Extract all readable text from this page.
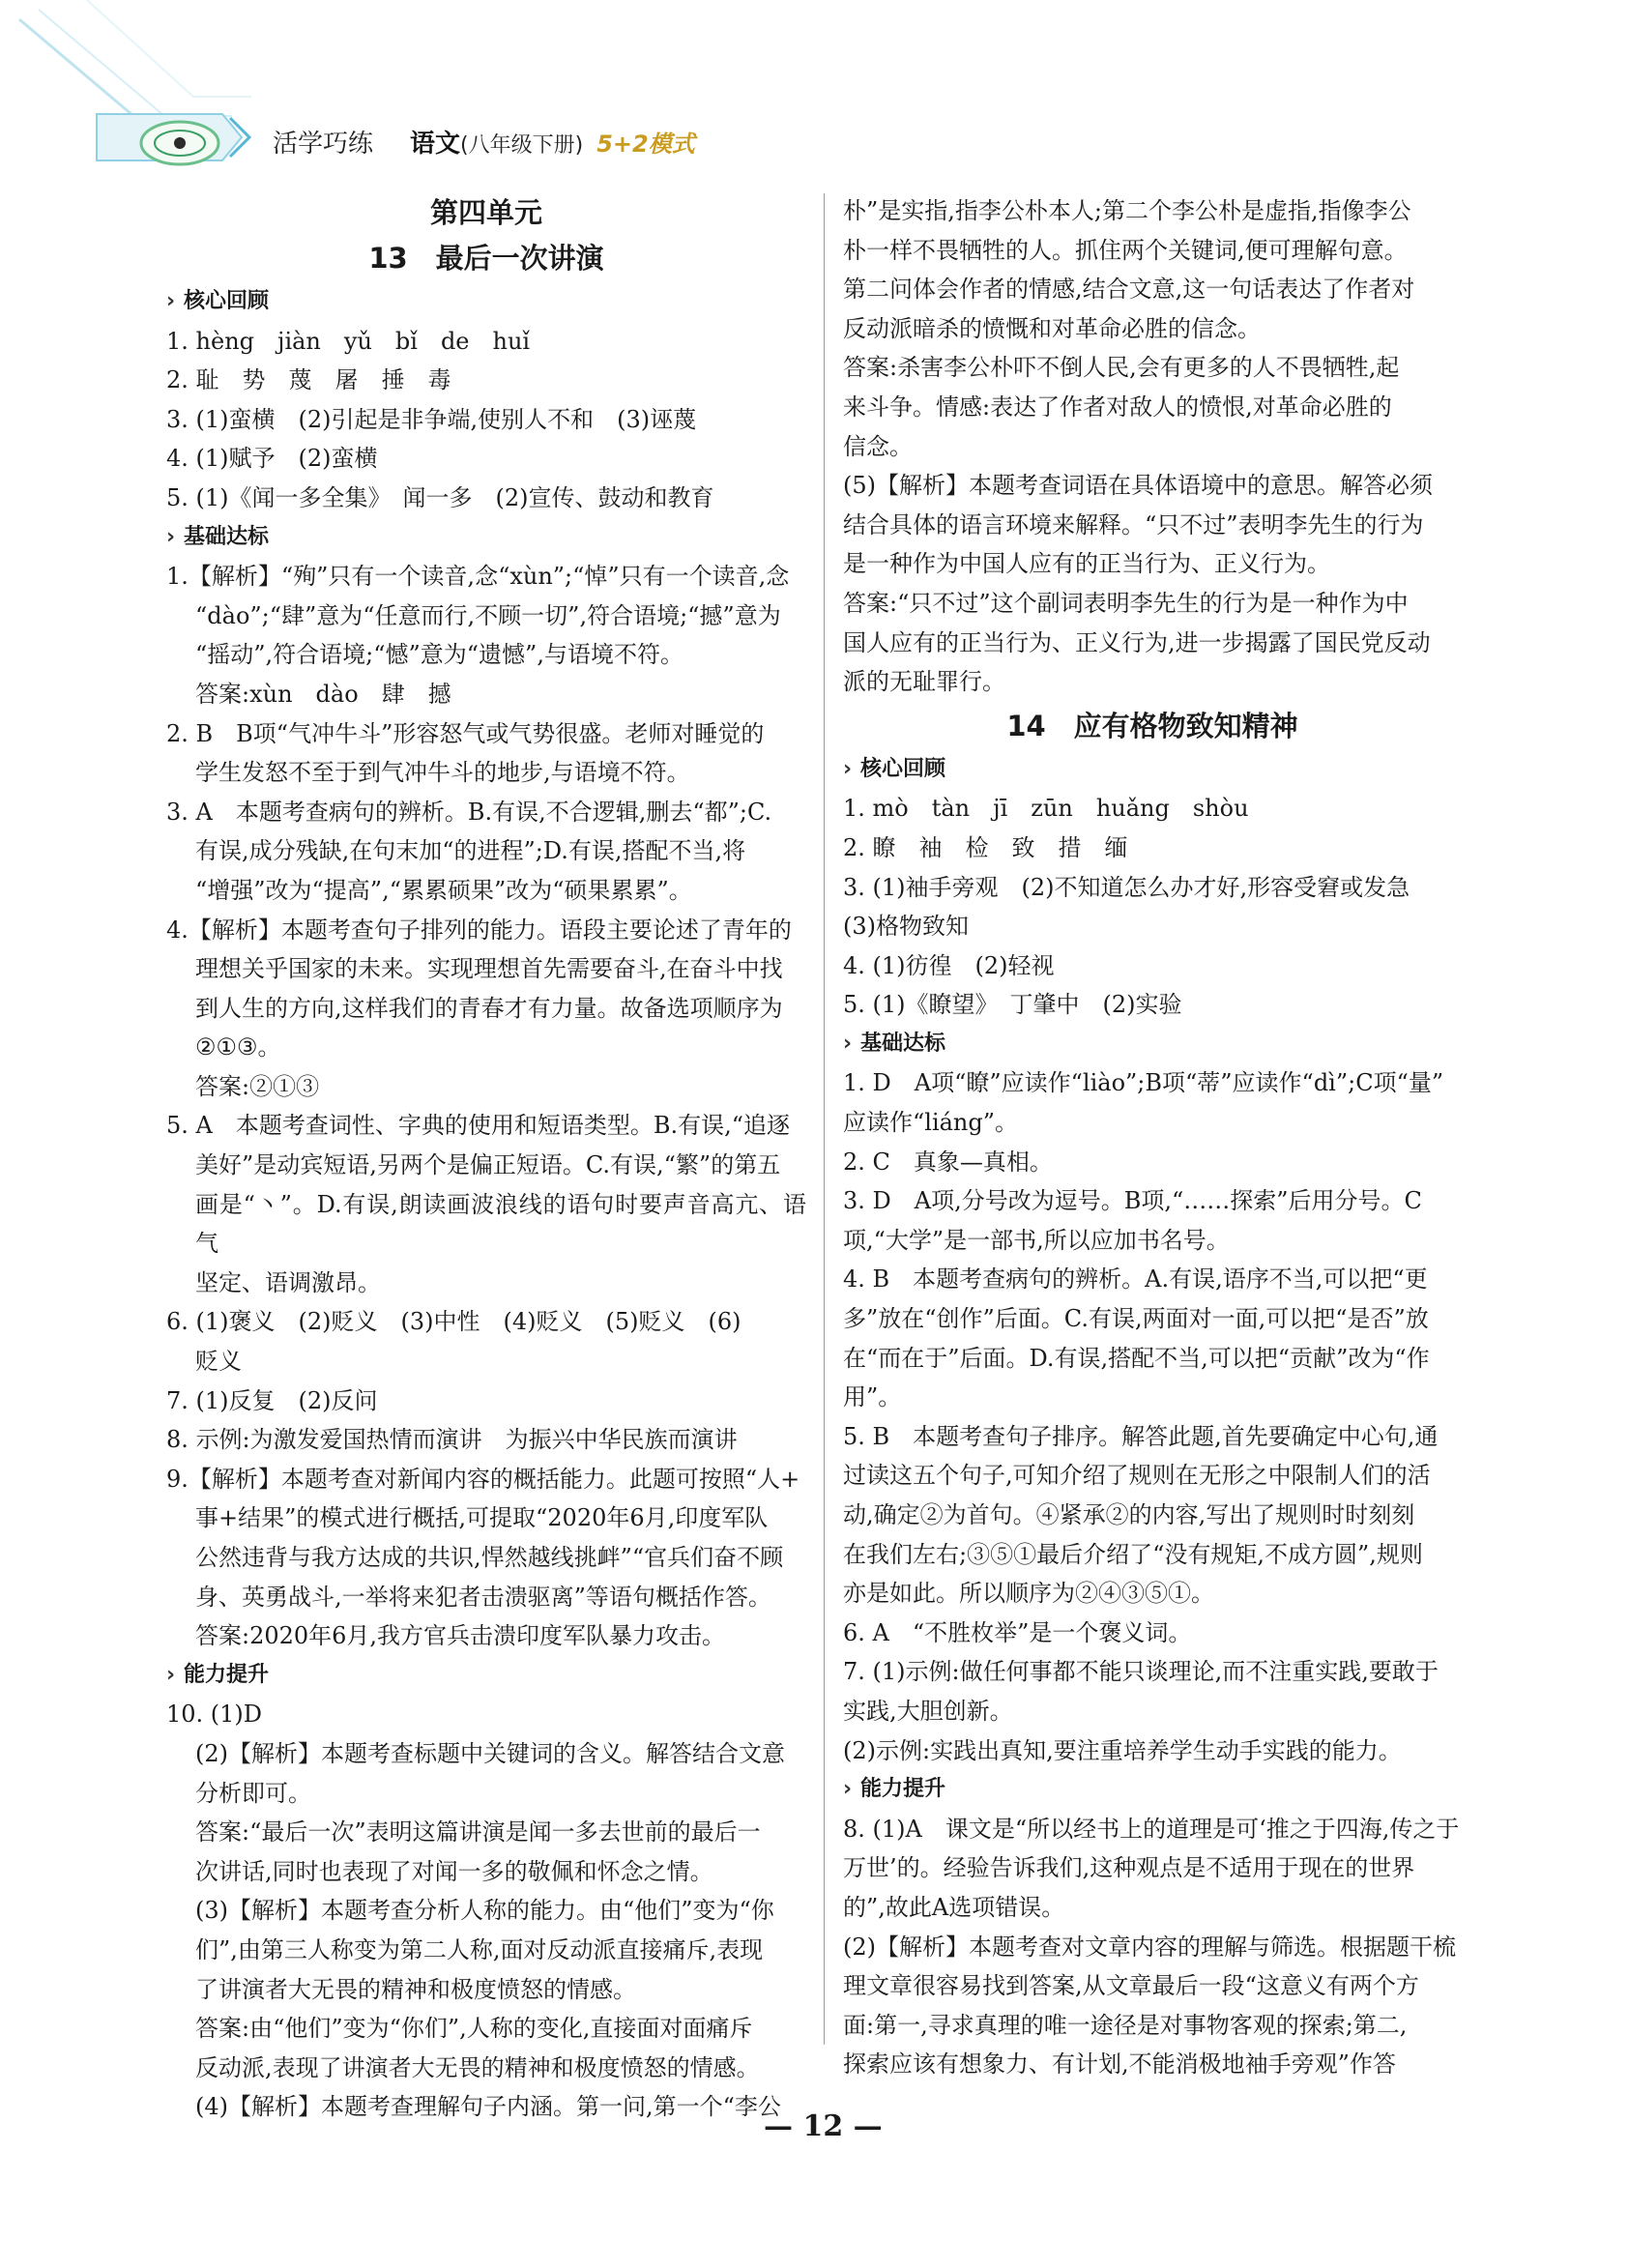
活学巧练 语文 (八年级下册) 5+2模式
第四单元
13　最后一次讲演
› 核心回顾
1. hèng　jiàn　yǔ　bǐ　de　huǐ
2. 耻　势　蔑　屠　捶　毒
3. (1)蛮横　(2)引起是非争端,使别人不和　(3)诬蔑
4. (1)赋予　(2)蛮横
5. (1)《闻一多全集》　闻一多　(2)宣传、鼓动和教育
› 基础达标
1.【解析】“殉”只有一个读音,念“xùn”;“悼”只有一个读音,念
“dào”;“肆”意为“任意而行,不顾一切”,符合语境;“撼”意为
“摇动”,符合语境;“憾”意为“遗憾”,与语境不符。
答案:xùn　dào　肆　撼
2. B　B项“气冲牛斗”形容怒气或气势很盛。老师对睡觉的
学生发怒不至于到气冲牛斗的地步,与语境不符。
3. A　本题考查病句的辨析。B.有误,不合逻辑,删去“都”;C.
有误,成分残缺,在句末加“的进程”;D.有误,搭配不当,将
“增强”改为“提高”,“累累硕果”改为“硕果累累”。
4.【解析】本题考查句子排列的能力。语段主要论述了青年的
理想关乎国家的未来。实现理想首先需要奋斗,在奋斗中找
到人生的方向,这样我们的青春才有力量。故备选项顺序为
②①③。
答案:②①③
5. A　本题考查词性、字典的使用和短语类型。B.有误,“追逐
美好”是动宾短语,另两个是偏正短语。C.有误,“繁”的第五
画是“丶”。D.有误,朗读画波浪线的语句时要声音高亢、语气
坚定、语调激昂。
6. (1)褒义　(2)贬义　(3)中性　(4)贬义　(5)贬义　(6)
贬义
7. (1)反复　(2)反问
8. 示例:为激发爱国热情而演讲　为振兴中华民族而演讲
9.【解析】本题考查对新闻内容的概括能力。此题可按照“人+
事+结果”的模式进行概括,可提取“2020年6月,印度军队
公然违背与我方达成的共识,悍然越线挑衅”“官兵们奋不顾
身、英勇战斗,一举将来犯者击溃驱离”等语句概括作答。
答案:2020年6月,我方官兵击溃印度军队暴力攻击。
› 能力提升
10. (1)D
(2)【解析】本题考查标题中关键词的含义。解答结合文意
分析即可。
答案:“最后一次”表明这篇讲演是闻一多去世前的最后一
次讲话,同时也表现了对闻一多的敬佩和怀念之情。
(3)【解析】本题考查分析人称的能力。由“他们”变为“你
们”,由第三人称变为第二人称,面对反动派直接痛斥,表现
了讲演者大无畏的精神和极度愤怒的情感。
答案:由“他们”变为“你们”,人称的变化,直接面对面痛斥
反动派,表现了讲演者大无畏的精神和极度愤怒的情感。
(4)【解析】本题考查理解句子内涵。第一问,第一个“李公
朴”是实指,指李公朴本人;第二个李公朴是虚指,指像李公
朴一样不畏牺牲的人。抓住两个关键词,便可理解句意。
第二问体会作者的情感,结合文意,这一句话表达了作者对
反动派暗杀的愤慨和对革命必胜的信念。
答案:杀害李公朴吓不倒人民,会有更多的人不畏牺牲,起
来斗争。情感:表达了作者对敌人的愤恨,对革命必胜的
信念。
(5)【解析】本题考查词语在具体语境中的意思。解答必须
结合具体的语言环境来解释。“只不过”表明李先生的行为
是一种作为中国人应有的正当行为、正义行为。
答案:“只不过”这个副词表明李先生的行为是一种作为中
国人应有的正当行为、正义行为,进一步揭露了国民党反动
派的无耻罪行。
14　应有格物致知精神
› 核心回顾
1. mò　tàn　jī　zūn　huǎng　shòu
2. 瞭　袖　检　致　措　缅
3. (1)袖手旁观　(2)不知道怎么办才好,形容受窘或发急
(3)格物致知
4. (1)彷徨　(2)轻视
5. (1)《瞭望》　丁肇中　(2)实验
› 基础达标
1. D　A项“瞭”应读作“liào”;B项“蒂”应读作“dì”;C项“量”
应读作“liáng”。
2. C　真象—真相。
3. D　A项,分号改为逗号。B项,“……探索”后用分号。C
项,“大学”是一部书,所以应加书名号。
4. B　本题考查病句的辨析。A.有误,语序不当,可以把“更
多”放在“创作”后面。C.有误,两面对一面,可以把“是否”放
在“而在于”后面。D.有误,搭配不当,可以把“贡献”改为“作
用”。
5. B　本题考查句子排序。解答此题,首先要确定中心句,通
过读这五个句子,可知介绍了规则在无形之中限制人们的活
动,确定②为首句。④紧承②的内容,写出了规则时时刻刻
在我们左右;③⑤①最后介绍了“没有规矩,不成方圆”,规则
亦是如此。所以顺序为②④③⑤①。
6. A　“不胜枚举”是一个褒义词。
7. (1)示例:做任何事都不能只谈理论,而不注重实践,要敢于
实践,大胆创新。
(2)示例:实践出真知,要注重培养学生动手实践的能力。
› 能力提升
8. (1)A　课文是“所以经书上的道理是可‘推之于四海,传之于
万世’的。经验告诉我们,这种观点是不适用于现在的世界
的”,故此A选项错误。
(2)【解析】本题考查对文章内容的理解与筛选。根据题干梳
理文章很容易找到答案,从文章最后一段“这意义有两个方
面:第一,寻求真理的唯一途径是对事物客观的探索;第二,
探索应该有想象力、有计划,不能消极地袖手旁观”作答
— 12 —
